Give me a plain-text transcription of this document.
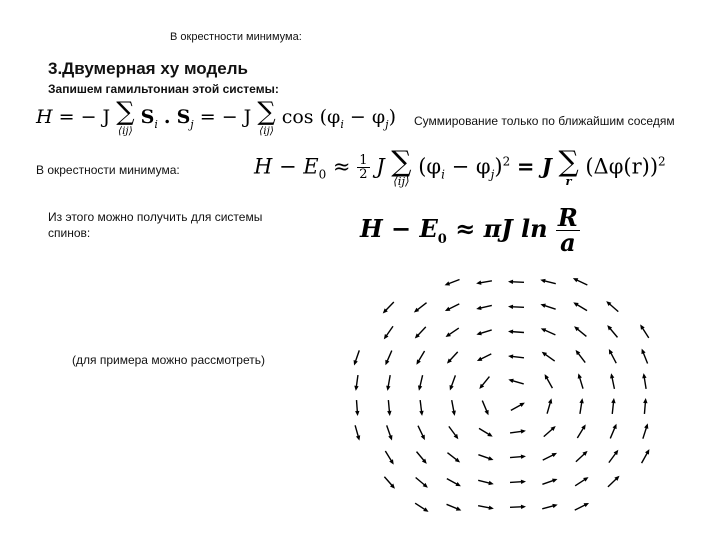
В окрестности минимума:
3.Двумерная xy модель
Запишем гамильтониан этой системы:
H = − J ∑
⟨ij⟩
$S_i$ . $S_j$ = − J ∑
⟨ij⟩
$\cos (\varphi_i - \varphi_j)$ Суммирование только по ближайшим соседям
В окрестности минимума:	$H - E_0 \approx \frac{1}{2}$ J ∑
⟨ij⟩
$(\varphi_i - \varphi_j)^2 = J$ ∑
r
$(\Delta\varphi(r))^2$
Из этого можно получить для системы
спинов:	$H - E_0 \approx \pi J$ $\ln \frac{R}{a}$
(для примера можно рассмотреть)
